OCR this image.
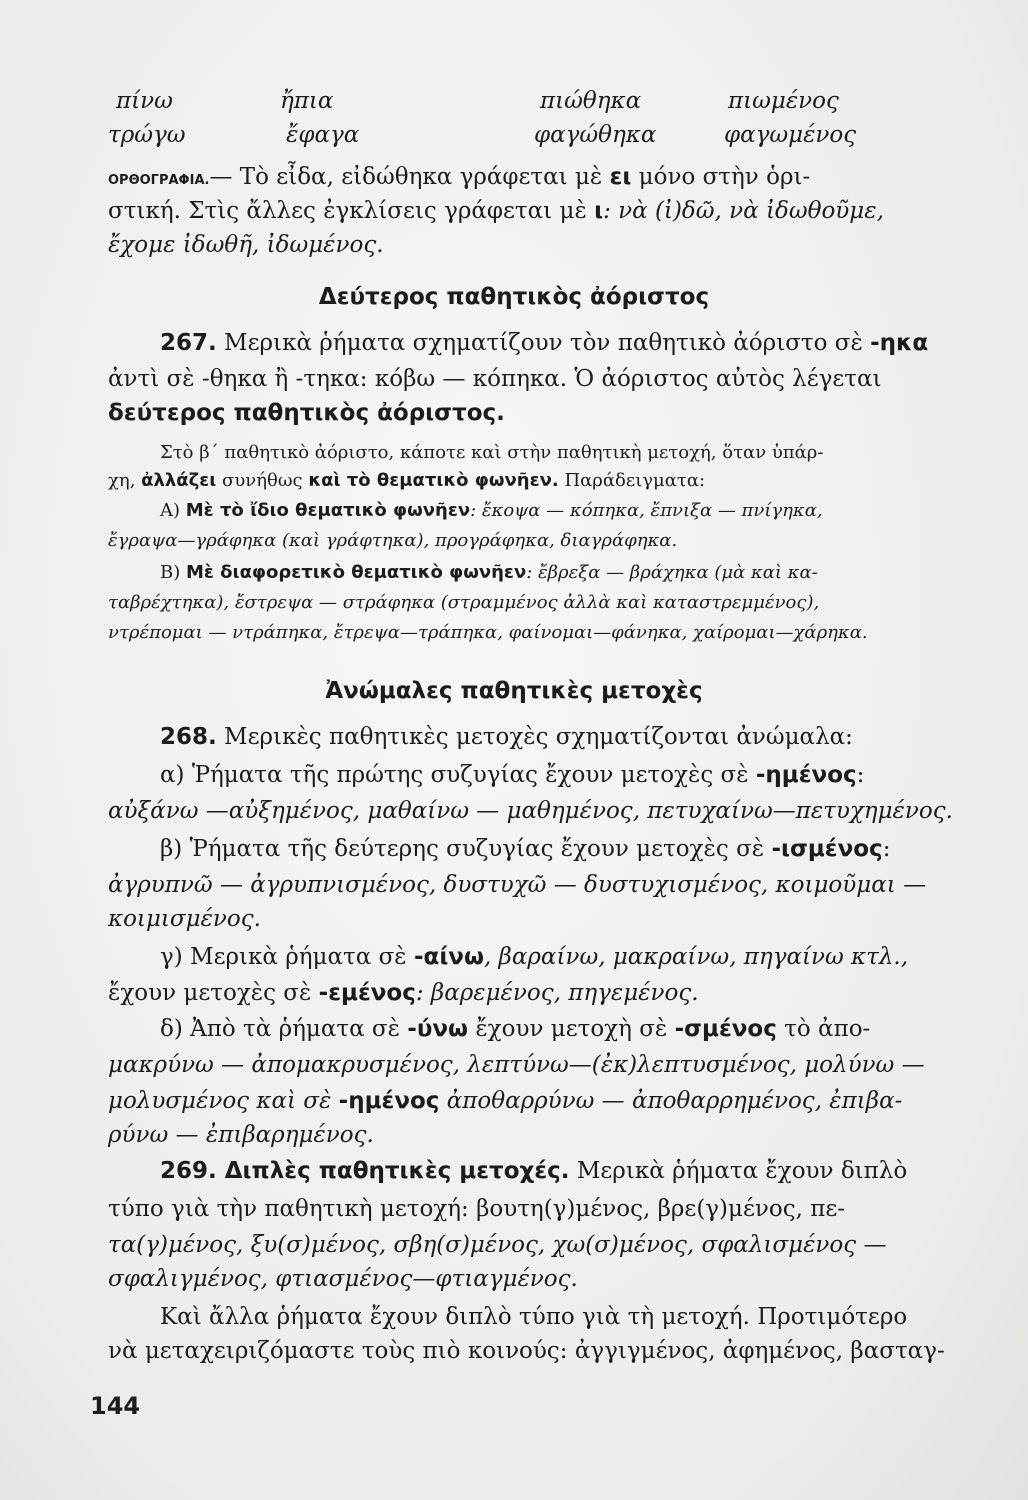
πίνω	ἤπια	πιώθηκα	πιωμένος
τρώγω	ἔφαγα	φαγώθηκα	φαγωμένος
ΟΡΘΟΓΡΑΦΙΑ.— Τὸ εἶδα, εἰδώθηκα γράφεται μὲ ει μόνο στὴν ὁρι-
στική. Στὶς ἄλλες ἐγκλίσεις γράφεται μὲ ι: νὰ (ἰ)δῶ, νὰ ἰδωθοῦμε,
ἔχομε ἰδωθῆ, ἰδωμένος.
Δεύτερος παθητικὸς ἀόριστος
267. Μερικὰ ῥήματα σχηματίζουν τὸν παθητικὸ ἀόριστο σὲ -ηκα
ἀντὶ σὲ -θηκα ἢ -τηκα: κόβω — κόπηκα. Ὁ ἀόριστος αὐτὸς λέγεται
δεύτερος παθητικὸς ἀόριστος.
Στὸ β΄ παθητικὸ ἀόριστο, κάποτε καὶ στὴν παθητικὴ μετοχή, ὅταν ὑπάρ-
χη, ἀλλάζει συνήθως καὶ τὸ θεματικὸ φωνῆεν. Παράδειγματα:
Α) Μὲ τὸ ἴδιο θεματικὸ φωνῆεν: ἔκοψα — κόπηκα, ἔπνιξα — πνίγηκα,
ἔγραψα—γράφηκα (καὶ γράφτηκα), προγράφηκα, διαγράφηκα.
Β) Μὲ διαφορετικὸ θεματικὸ φωνῆεν: ἔβρεξα — βράχηκα (μὰ καὶ κα-
ταβρέχτηκα), ἔστρεψα — στράφηκα (στραμμένος ἀλλὰ καὶ καταστρεμμένος),
ντρέπομαι — ντράπηκα, ἔτρεψα—τράπηκα, φαίνομαι—φάνηκα, χαίρομαι—χάρηκα.
Ἀνώμαλες παθητικὲς μετοχὲς
268. Μερικὲς παθητικὲς μετοχὲς σχηματίζονται ἀνώμαλα:
α) Ῥήματα τῆς πρώτης συζυγίας ἔχουν μετοχὲς σὲ -ημένος:
αὐξάνω —αὐξημένος, μαθαίνω — μαθημένος, πετυχαίνω—πετυχημένος.
β) Ῥήματα τῆς δεύτερης συζυγίας ἔχουν μετοχὲς σὲ -ισμένος:
ἀγρυπνῶ — ἀγρυπνισμένος, δυστυχῶ — δυστυχισμένος, κοιμοῦμαι —
κοιμισμένος.
γ) Μερικὰ ῥήματα σὲ -αίνω, βαραίνω, μακραίνω, πηγαίνω κτλ.,
ἔχουν μετοχὲς σὲ -εμένος: βαρεμένος, πηγεμένος.
δ) Ἀπὸ τὰ ῥήματα σὲ -ύνω ἔχουν μετοχὴ σὲ -σμένος τὸ ἀπο-
μακρύνω — ἀπομακρυσμένος, λεπτύνω—(ἐκ)λεπτυσμένος, μολύνω —
μολυσμένος καὶ σὲ -ημένος ἀποθαρρύνω — ἀποθαρρημένος, ἐπιβα-
ρύνω — ἐπιβαρημένος.
269. Διπλὲς παθητικὲς μετοχές. Μερικὰ ῥήματα ἔχουν διπλὸ
τύπο γιὰ τὴν παθητικὴ μετοχή: βουτη(γ)μένος, βρε(γ)μένος, πε-
τα(γ)μένος, ξυ(σ)μένος, σβη(σ)μένος, χω(σ)μένος, σφαλισμένος —
σφαλιγμένος, φτιασμένος—φτιαγμένος.
Καὶ ἄλλα ῥήματα ἔχουν διπλὸ τύπο γιὰ τὴ μετοχή. Προτιμότερο
νὰ μεταχειριζόμαστε τοὺς πιὸ κοινούς: ἀγγιγμένος, ἀφημένος, βασταγ-
144
